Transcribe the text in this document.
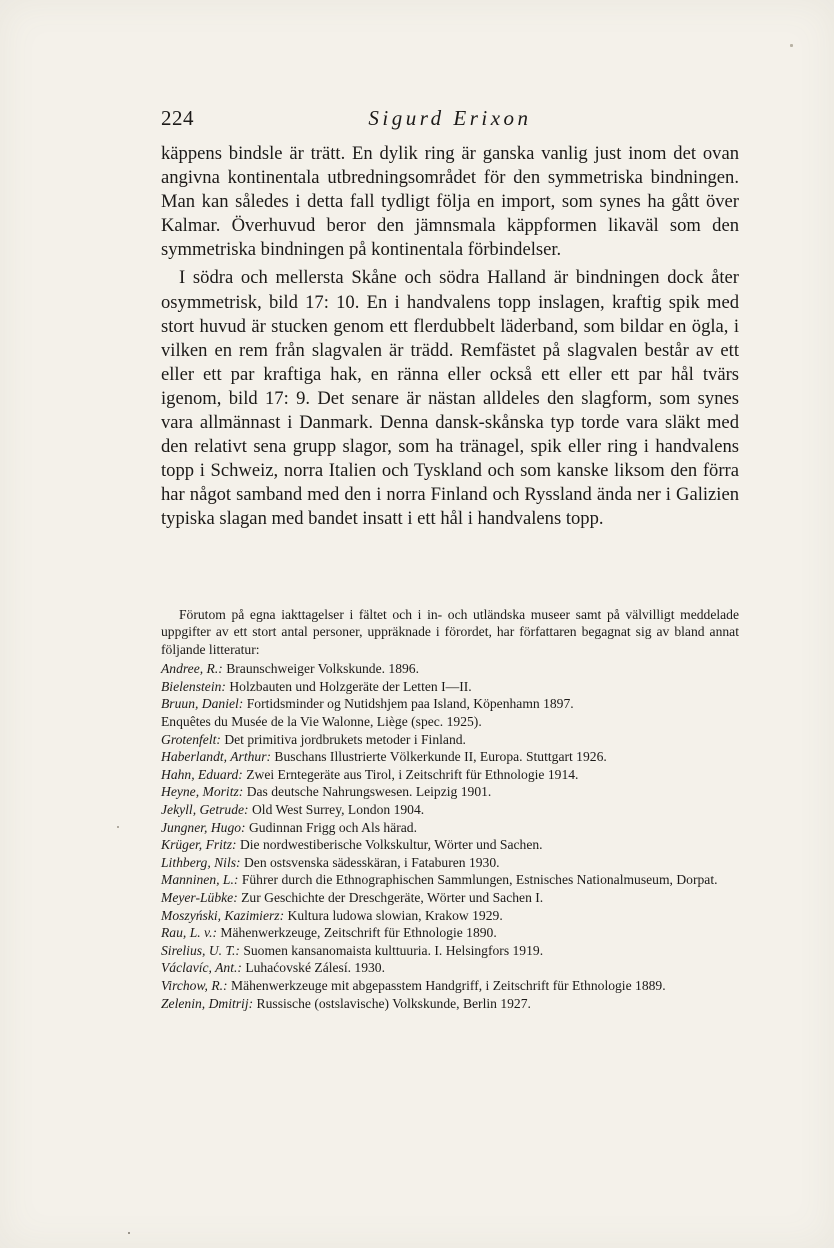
224	Sigurd Erixon

käppens bindsle är trätt. En dylik ring är ganska vanlig just inom det ovan angivna kontinentala utbredningsområdet för den symmetriska bindningen. Man kan således i detta fall tydligt följa en import, som synes ha gått över Kalmar. Överhuvud beror den jämnsmala käppformen likaväl som den symmetriska bindningen på kontinentala förbindelser.

I södra och mellersta Skåne och södra Halland är bindningen dock åter osymmetrisk, bild 17: 10. En i handvalens topp inslagen, kraftig spik med stort huvud är stucken genom ett flerdubbelt läderband, som bildar en ögla, i vilken en rem från slagvalen är trädd. Remfästet på slagvalen består av ett eller ett par kraftiga hak, en ränna eller också ett eller ett par hål tvärs igenom, bild 17: 9. Det senare är nästan alldeles den slagform, som synes vara allmännast i Danmark. Denna dansk-skånska typ torde vara släkt med den relativt sena grupp slagor, som ha tränagel, spik eller ring i handvalens topp i Schweiz, norra Italien och Tyskland och som kanske liksom den förra har något samband med den i norra Finland och Ryssland ända ner i Galizien typiska slagan med bandet insatt i ett hål i handvalens topp.

Förutom på egna iakttagelser i fältet och i in- och utländska museer samt på välvilligt meddelade uppgifter av ett stort antal personer, uppräknade i förordet, har författaren begagnat sig av bland annat följande litteratur:

Andree, R.: Braunschweiger Volkskunde. 1896.

Bielenstein: Holzbauten und Holzgeräte der Letten I—II.

Bruun, Daniel: Fortidsminder og Nutidshjem paa Island, Köpenhamn 1897.

Enquêtes du Musée de la Vie Walonne, Liège (spec. 1925).

Grotenfelt: Det primitiva jordbrukets metoder i Finland.

Haberlandt, Arthur: Buschans Illustrierte Völkerkunde II, Europa. Stuttgart 1926.

Hahn, Eduard: Zwei Erntegeräte aus Tirol, i Zeitschrift für Ethnologie 1914.

Heyne, Moritz: Das deutsche Nahrungswesen. Leipzig 1901.

Jekyll, Getrude: Old West Surrey, London 1904.

Jungner, Hugo: Gudinnan Frigg och Als härad.

Krüger, Fritz: Die nordwestiberische Volkskultur, Wörter und Sachen.

Lithberg, Nils: Den ostsvenska sädesskäran, i Fataburen 1930.

Manninen, L.: Führer durch die Ethnographischen Sammlungen, Estnisches Nationalmuseum, Dorpat.

Meyer-Lübke: Zur Geschichte der Dreschgeräte, Wörter und Sachen I.

Moszyński, Kazimierz: Kultura ludowa slowian, Krakow 1929.

Rau, L. v.: Mähenwerkzeuge, Zeitschrift für Ethnologie 1890.

Sirelius, U. T.: Suomen kansanomaista kulttuuria. I. Helsingfors 1919.

Václavíc, Ant.: Luhaćovské Zálesí. 1930.

Virchow, R.: Mähenwerkzeuge mit abgepasstem Handgriff, i Zeitschrift für Ethnologie 1889.

Zelenin, Dmitrij: Russische (ostslavische) Volkskunde, Berlin 1927.
